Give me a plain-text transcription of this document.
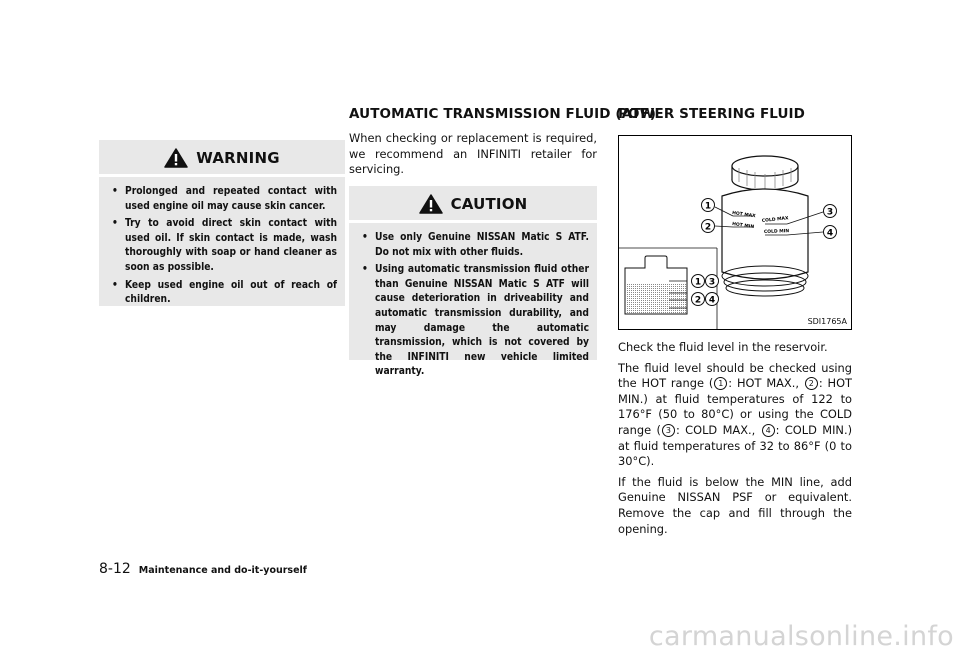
WARNING
• Prolonged and repeated contact with used engine oil may cause skin cancer.
• Try to avoid direct skin contact with used oil. If skin contact is made, wash thoroughly with soap or hand cleaner as soon as possible.
• Keep used engine oil out of reach of children.
AUTOMATIC TRANSMISSION FLUID (ATF)

When checking or replacement is required, we recommend an INFINITI retailer for servicing.

CAUTION
• Use only Genuine NISSAN Matic S ATF. Do not mix with other fluids.
• Using automatic transmission fluid other than Genuine NISSAN Matic S ATF will cause deterioration in driveability and automatic transmission durability, and may damage the automatic transmission, which is not covered by the INFINITI new vehicle limited warranty.
POWER STEERING FLUID
HOT MAX
HOT MIN
COLD MAX
COLD MIN
1
2
3
4
1 3
2 4
SDI1765A

Check the fluid level in the reservoir.

The fluid level should be checked using the HOT range ( 1 : HOT MAX., 2 : HOT MIN.) at fluid temperatures of 122 to 176°F (50 to 80°C) or using the COLD range ( 3 : COLD MAX., 4 : COLD MIN.) at fluid temperatures of 32 to 86°F (0 to 30°C).

If the fluid is below the MIN line, add Genuine NISSAN PSF or equivalent. Remove the cap and fill through the opening.

8-12 Maintenance and do-it-yourself
carmanualsonline.info
